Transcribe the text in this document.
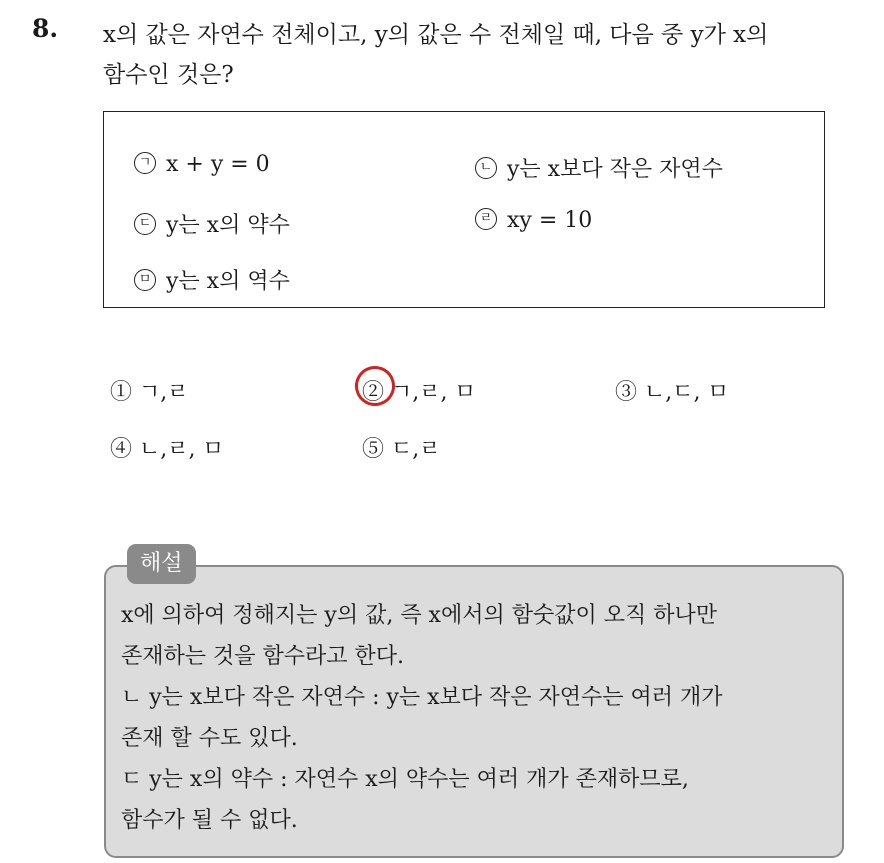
8. x의 값은 자연수 전체이고, y의 값은 수 전체일 때, 다음 중 y가 x의
함수인 것은?
ㄱ x + y = 0	ㄴ y는 x보다 작은 자연수
ㄷ y는 x의 약수	ㄹ xy = 10
ㅁ y는 x의 역수
① ㄱ,ㄹ	② ㄱ,ㄹ, ㅁ	③ ㄴ,ㄷ, ㅁ
④ ㄴ,ㄹ, ㅁ	⑤ ㄷ,ㄹ
해설
x에 의하여 정해지는 y의 값, 즉 x에서의 함숫값이 오직 하나만
존재하는 것을 함수라고 한다.
ㄴ y는 x보다 작은 자연수 : y는 x보다 작은 자연수는 여러 개가
존재 할 수도 있다.
ㄷ y는 x의 약수 : 자연수 x의 약수는 여러 개가 존재하므로,
함수가 될 수 없다.
